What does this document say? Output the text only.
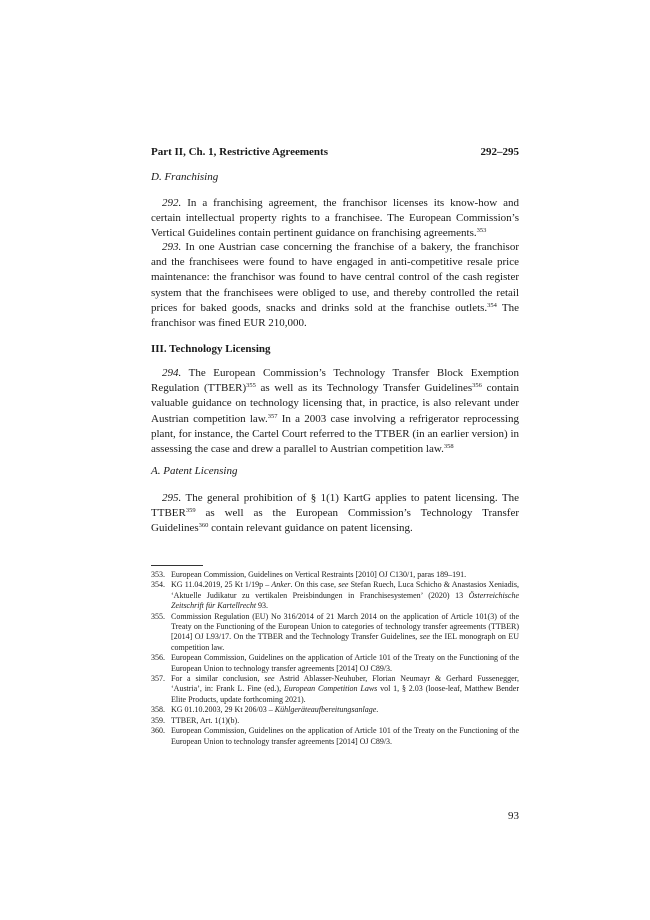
Part II, Ch. 1, Restrictive Agreements	292–295
D. Franchising
292. In a franchising agreement, the franchisor licenses its know-how and certain intellectual property rights to a franchisee. The European Commission’s Vertical Guidelines contain pertinent guidance on franchising agreements.$^{353}$
293. In one Austrian case concerning the franchise of a bakery, the franchisor and the franchisees were found to have engaged in anti-competitive resale price maintenance: the franchisor was found to have central control of the cash register system that the franchisees were obliged to use, and thereby controlled the retail prices for baked goods, snacks and drinks sold at the franchise outlets.$^{354}$ The franchisor was fined EUR 210,000.
III. Technology Licensing
294. The European Commission’s Technology Transfer Block Exemption Regulation (TTBER)$^{355}$ as well as its Technology Transfer Guidelines$^{356}$ contain valuable guidance on technology licensing that, in practice, is also relevant under Austrian competition law.$^{357}$ In a 2003 case involving a refrigerator reprocessing plant, for instance, the Cartel Court referred to the TTBER (in an earlier version) in assessing the case and drew a parallel to Austrian competition law.$^{358}$
A. Patent Licensing
295. The general prohibition of § 1(1) KartG applies to patent licensing. The TTBER$^{359}$ as well as the European Commission’s Technology Transfer Guidelines$^{360}$ contain relevant guidance on patent licensing.
353. European Commission, Guidelines on Vertical Restraints [2010] OJ C130/1, paras 189–191.
354. KG 11.04.2019, 25 Kt 1/19p – Anker. On this case, see Stefan Ruech, Luca Schicho & Anastasios Xeniadis, ‘Aktuelle Judikatur zu vertikalen Preisbindungen in Franchisesystemen’ (2020) 13 Österreichische Zeitschrift für Kartellrecht 93.
355. Commission Regulation (EU) No 316/2014 of 21 March 2014 on the application of Article 101(3) of the Treaty on the Functioning of the European Union to categories of technology transfer agreements (TTBER) [2014] OJ L93/17. On the TTBER and the Technology Transfer Guidelines, see the IEL monograph on EU competition law.
356. European Commission, Guidelines on the application of Article 101 of the Treaty on the Functioning of the European Union to technology transfer agreements [2014] OJ C89/3.
357. For a similar conclusion, see Astrid Ablasser-Neuhuber, Florian Neumayr & Gerhard Fussenegger, ‘Austria’, in: Frank L. Fine (ed.), European Competition Laws vol 1, § 2.03 (loose-leaf, Matthew Bender Elite Products, update forthcoming 2021).
358. KG 01.10.2003, 29 Kt 206/03 – Kühlgeräteaufbereitungsanlage.
359. TTBER, Art. 1(1)(b).
360. European Commission, Guidelines on the application of Article 101 of the Treaty on the Functioning of the European Union to technology transfer agreements [2014] OJ C89/3.
93
